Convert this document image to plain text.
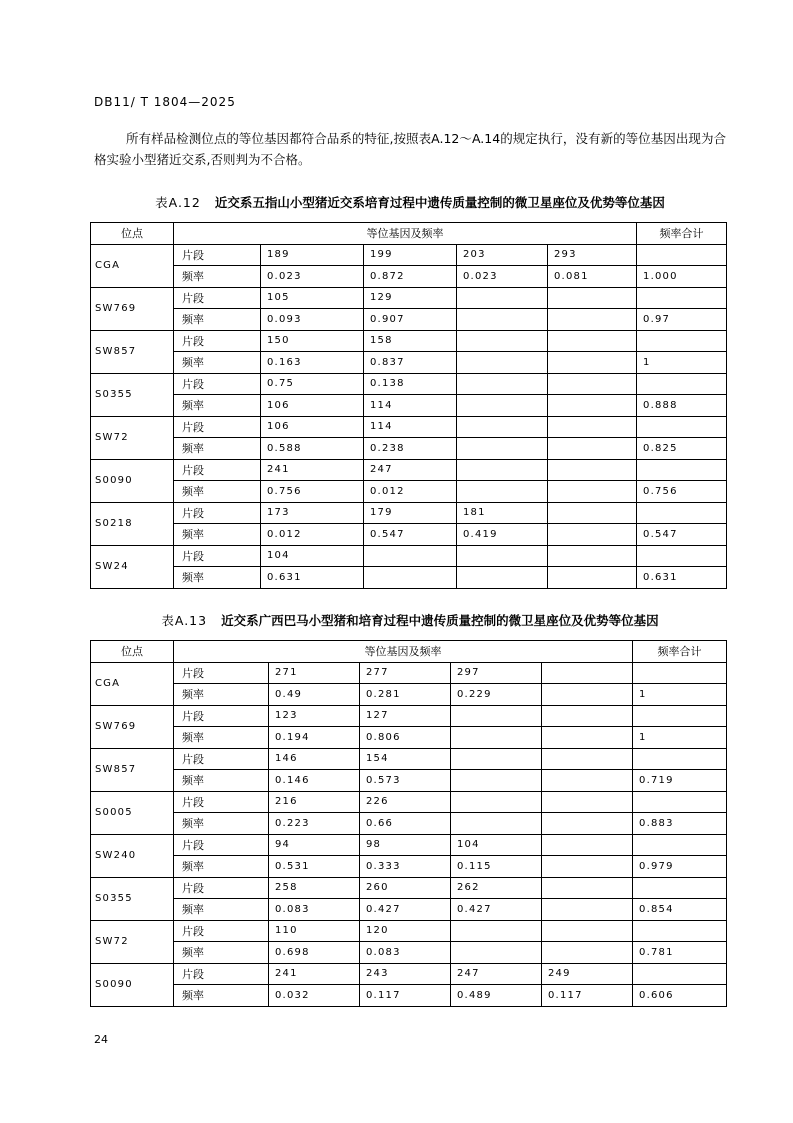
DB11/ T 1804—2025
所有样品检测位点的等位基因都符合品系的特征,按照表A.12～A.14的规定执行，没有新的等位基因出现为合格实验小型猪近交系,否则判为不合格。
表A.12 近交系五指山小型猪近交系培育过程中遗传质量控制的微卫星座位及优势等位基因
位点	等位基因及频率					频率合计
CGA	片段	189	199	203	293	
	频率	0.023	0.872	0.023	0.081	1.000
SW769	片段	105	129			
	频率	0.093	0.907			0.97
SW857	片段	150	158			
	频率	0.163	0.837			1
S0355	片段	0.75	0.138			
	频率	106	114			0.888
SW72	片段	106	114			
	频率	0.588	0.238			0.825
S0090	片段	241	247			
	频率	0.756	0.012			0.756
S0218	片段	173	179	181		
	频率	0.012	0.547	0.419		0.547
SW24	片段	104				
	频率	0.631				0.631
表A.13 近交系广西巴马小型猪和培育过程中遗传质量控制的微卫星座位及优势等位基因
位点	等位基因及频率					频率合计
CGA	片段	271	277	297		
	频率	0.49	0.281	0.229		1
SW769	片段	123	127			
	频率	0.194	0.806			1
SW857	片段	146	154			
	频率	0.146	0.573			0.719
S0005	片段	216	226			
	频率	0.223	0.66			0.883
SW240	片段	94	98	104		
	频率	0.531	0.333	0.115		0.979
S0355	片段	258	260	262		
	频率	0.083	0.427	0.427		0.854
SW72	片段	110	120			
	频率	0.698	0.083			0.781
S0090	片段	241	243	247	249	
	频率	0.032	0.117	0.489	0.117	0.606
24
